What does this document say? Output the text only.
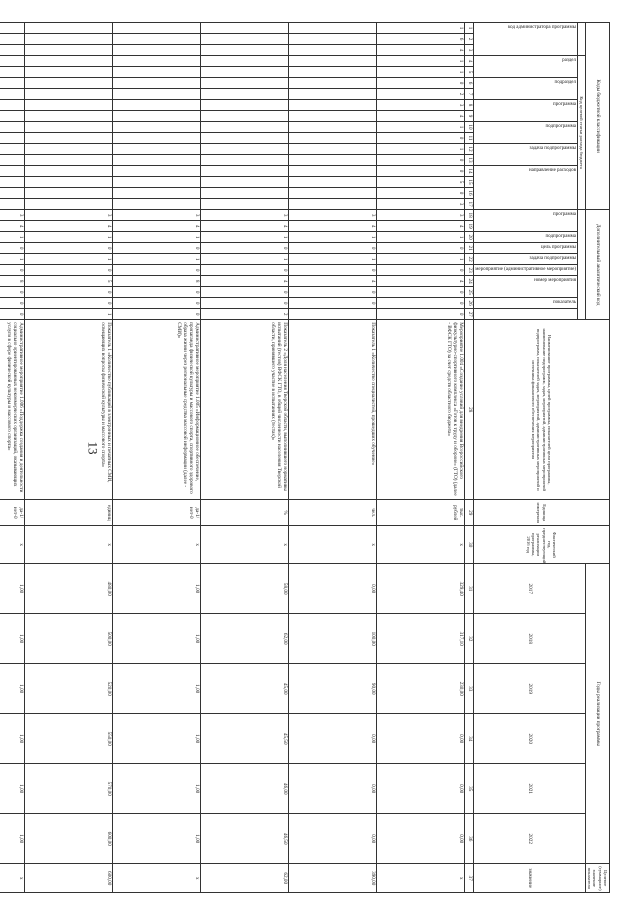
13
Коды бюджетной классификации																	Дополнительный аналитический код										Наименование программы, целей программы, показателей цели программы, наименование подпрограмм, задач, мероприятий, административных мероприятий подпрограмм, показателей задач, мероприятий, административных мероприятий и источника финансового обеспечения мероприятия	Единица измерения	Фактический год, предшествующий реализации программы, 2016 год	Годы реализации программы						Целевое (суммарное) значение показателя
			Код целевой статьи расхода бюджета																											2017	2018	2019	2020	2021	2022	значение

код администратора программы			раздел		подраздел		программа		подпрограмма		задача подпрограммы		направление расходов				программа		подпрограмма	цель программы	задача подпрограммы	мероприятие (административное мероприятие)	номер мероприятия		показатель											

1	2	3	4	5	6	7	8	9	10	11	12	13	14	15	16	17	18	19	20	21	22	23	24	25	26	27	28	29	30	31	32	33	34	35	36	37
1	6	4	1	1	0	2	3	4	1	0	1	0	0	5	0	3	3	4	1	0	1	0	4	0	0	0	Мероприятие 1.004 «Создание условий для внедрения Всероссийского физкультурно-спортивного комплекса «Готов к труду и обороне» (ГТО) (далее - ВФСК ГТО) за счет средств областного бюджета»	тыс. рублей	х	329,40	317,10	230,00	0,00	0,00	0,00	х
																	3	4	1	0	1	0	4	0	0		Показатель 1 «Количество специалистей, прошедших обучение»	чел.	х	0,00	100,00	90,00	0,00	0,00	0,00	390,00
																	3	4	1	0	1	0	4	0	0	2	Показатель 2 «Доля населения Тверской области, выполнившего нормативы испытаний (тестов) ВФСК ГТО, в общей численности населения Тверской области, принявшего участие в испытаниях (тестах)»	%	х	58,00	62,00	45,00	45,50	46,00	46,50	62,00
																	3	4	1	0	1	0	8	0	0	0	Административное мероприятие 1.005 «Информационное обеспечение, пропаганда физической культуры и массового спорта, спортивного здорового образа жизни через региональные средства массовой информации (далее - СМИ)»	да-1/ нет-0	х	1,00	1,00	1,00	1,00	1,00	1,00	х
																	3	4	1	0	1	0	5	0	0	1	Показатель 1 «Количество публикаций в электронных и печатных СМИ, освещающих вопросы физической культуры и массового спорта»	единиц	х	480,00	500,00	520,00	550,00	570,00	600,00	600,00
																	3	4	1	0	1	0	8	0	0	0	Административное мероприятие 1.006 «Поддержка создания и деятельности социально ориентированных некоммерческих организаций, оказывающих услуги в сфере физической культуры и массового спорта»	да-1/ нет-0	х	1,00	1,00	1,00	1,00	1,00	1,00	х
